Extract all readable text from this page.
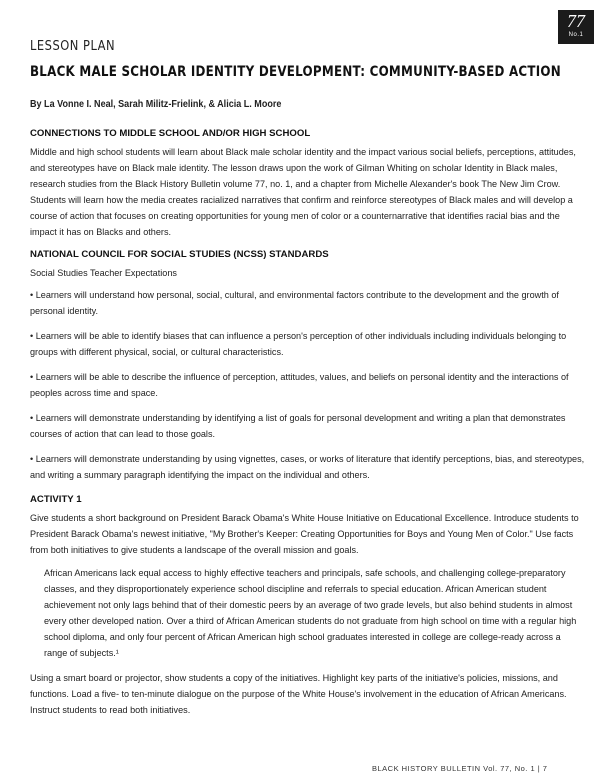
77
No.1
LESSON PLAN
BLACK MALE SCHOLAR IDENTITY DEVELOPMENT: COMMUNITY-BASED ACTION
By La Vonne I. Neal, Sarah Militz-Frielink, & Alicia L. Moore
CONNECTIONS TO MIDDLE SCHOOL AND/OR HIGH SCHOOL

Middle and high school students will learn about Black male scholar identity and the impact various social beliefs, perceptions, attitudes, and stereotypes have on Black male identity. The lesson draws upon the work of Gilman Whiting on scholar Identity in Black males, research studies from the Black History Bulletin volume 77, no. 1, and a chapter from Michelle Alexander's book The New Jim Crow. Students will learn how the media creates racialized narratives that confirm and reinforce stereotypes of Black males and will develop a course of action that focuses on creating opportunities for young men of color or a counternarrative that identifies racial bias and the impact it has on Blacks and others.

NATIONAL COUNCIL FOR SOCIAL STUDIES (NCSS) STANDARDS

Social Studies Teacher Expectations

• Learners will understand how personal, social, cultural, and environmental factors contribute to the development and the growth of personal identity.

• Learners will be able to identify biases that can influence a person's perception of other individuals including individuals belonging to groups with different physical, social, or cultural characteristics.

• Learners will be able to describe the influence of perception, attitudes, values, and beliefs on personal identity and the interactions of peoples across time and space.

• Learners will demonstrate understanding by identifying a list of goals for personal development and writing a plan that demonstrates courses of action that can lead to those goals.

• Learners will demonstrate understanding by using vignettes, cases, or works of literature that identify perceptions, bias, and stereotypes, and writing a summary paragraph identifying the impact on the individual and others.

ACTIVITY 1

Give students a short background on President Barack Obama's White House Initiative on Educational Excellence. Introduce students to President Barack Obama's newest initiative, "My Brother's Keeper: Creating Opportunities for Boys and Young Men of Color." Use facts from both initiatives to give students a landscape of the overall mission and goals.

African Americans lack equal access to highly effective teachers and principals, safe schools, and challenging college-preparatory classes, and they disproportionately experience school discipline and referrals to special education. African American student achievement not only lags behind that of their domestic peers by an average of two grade levels, but also behind students in almost every other developed nation. Over a third of African American students do not graduate from high school on time with a regular high school diploma, and only four percent of African American high school graduates interested in college are college-ready across a range of subjects.¹

Using a smart board or projector, show students a copy of the initiatives. Highlight key parts of the initiative's policies, missions, and functions. Load a five- to ten-minute dialogue on the purpose of the White House's involvement in the education of African Americans. Instruct students to read both initiatives.

BLACK HISTORY BULLETIN Vol. 77, No. 1 | 7
